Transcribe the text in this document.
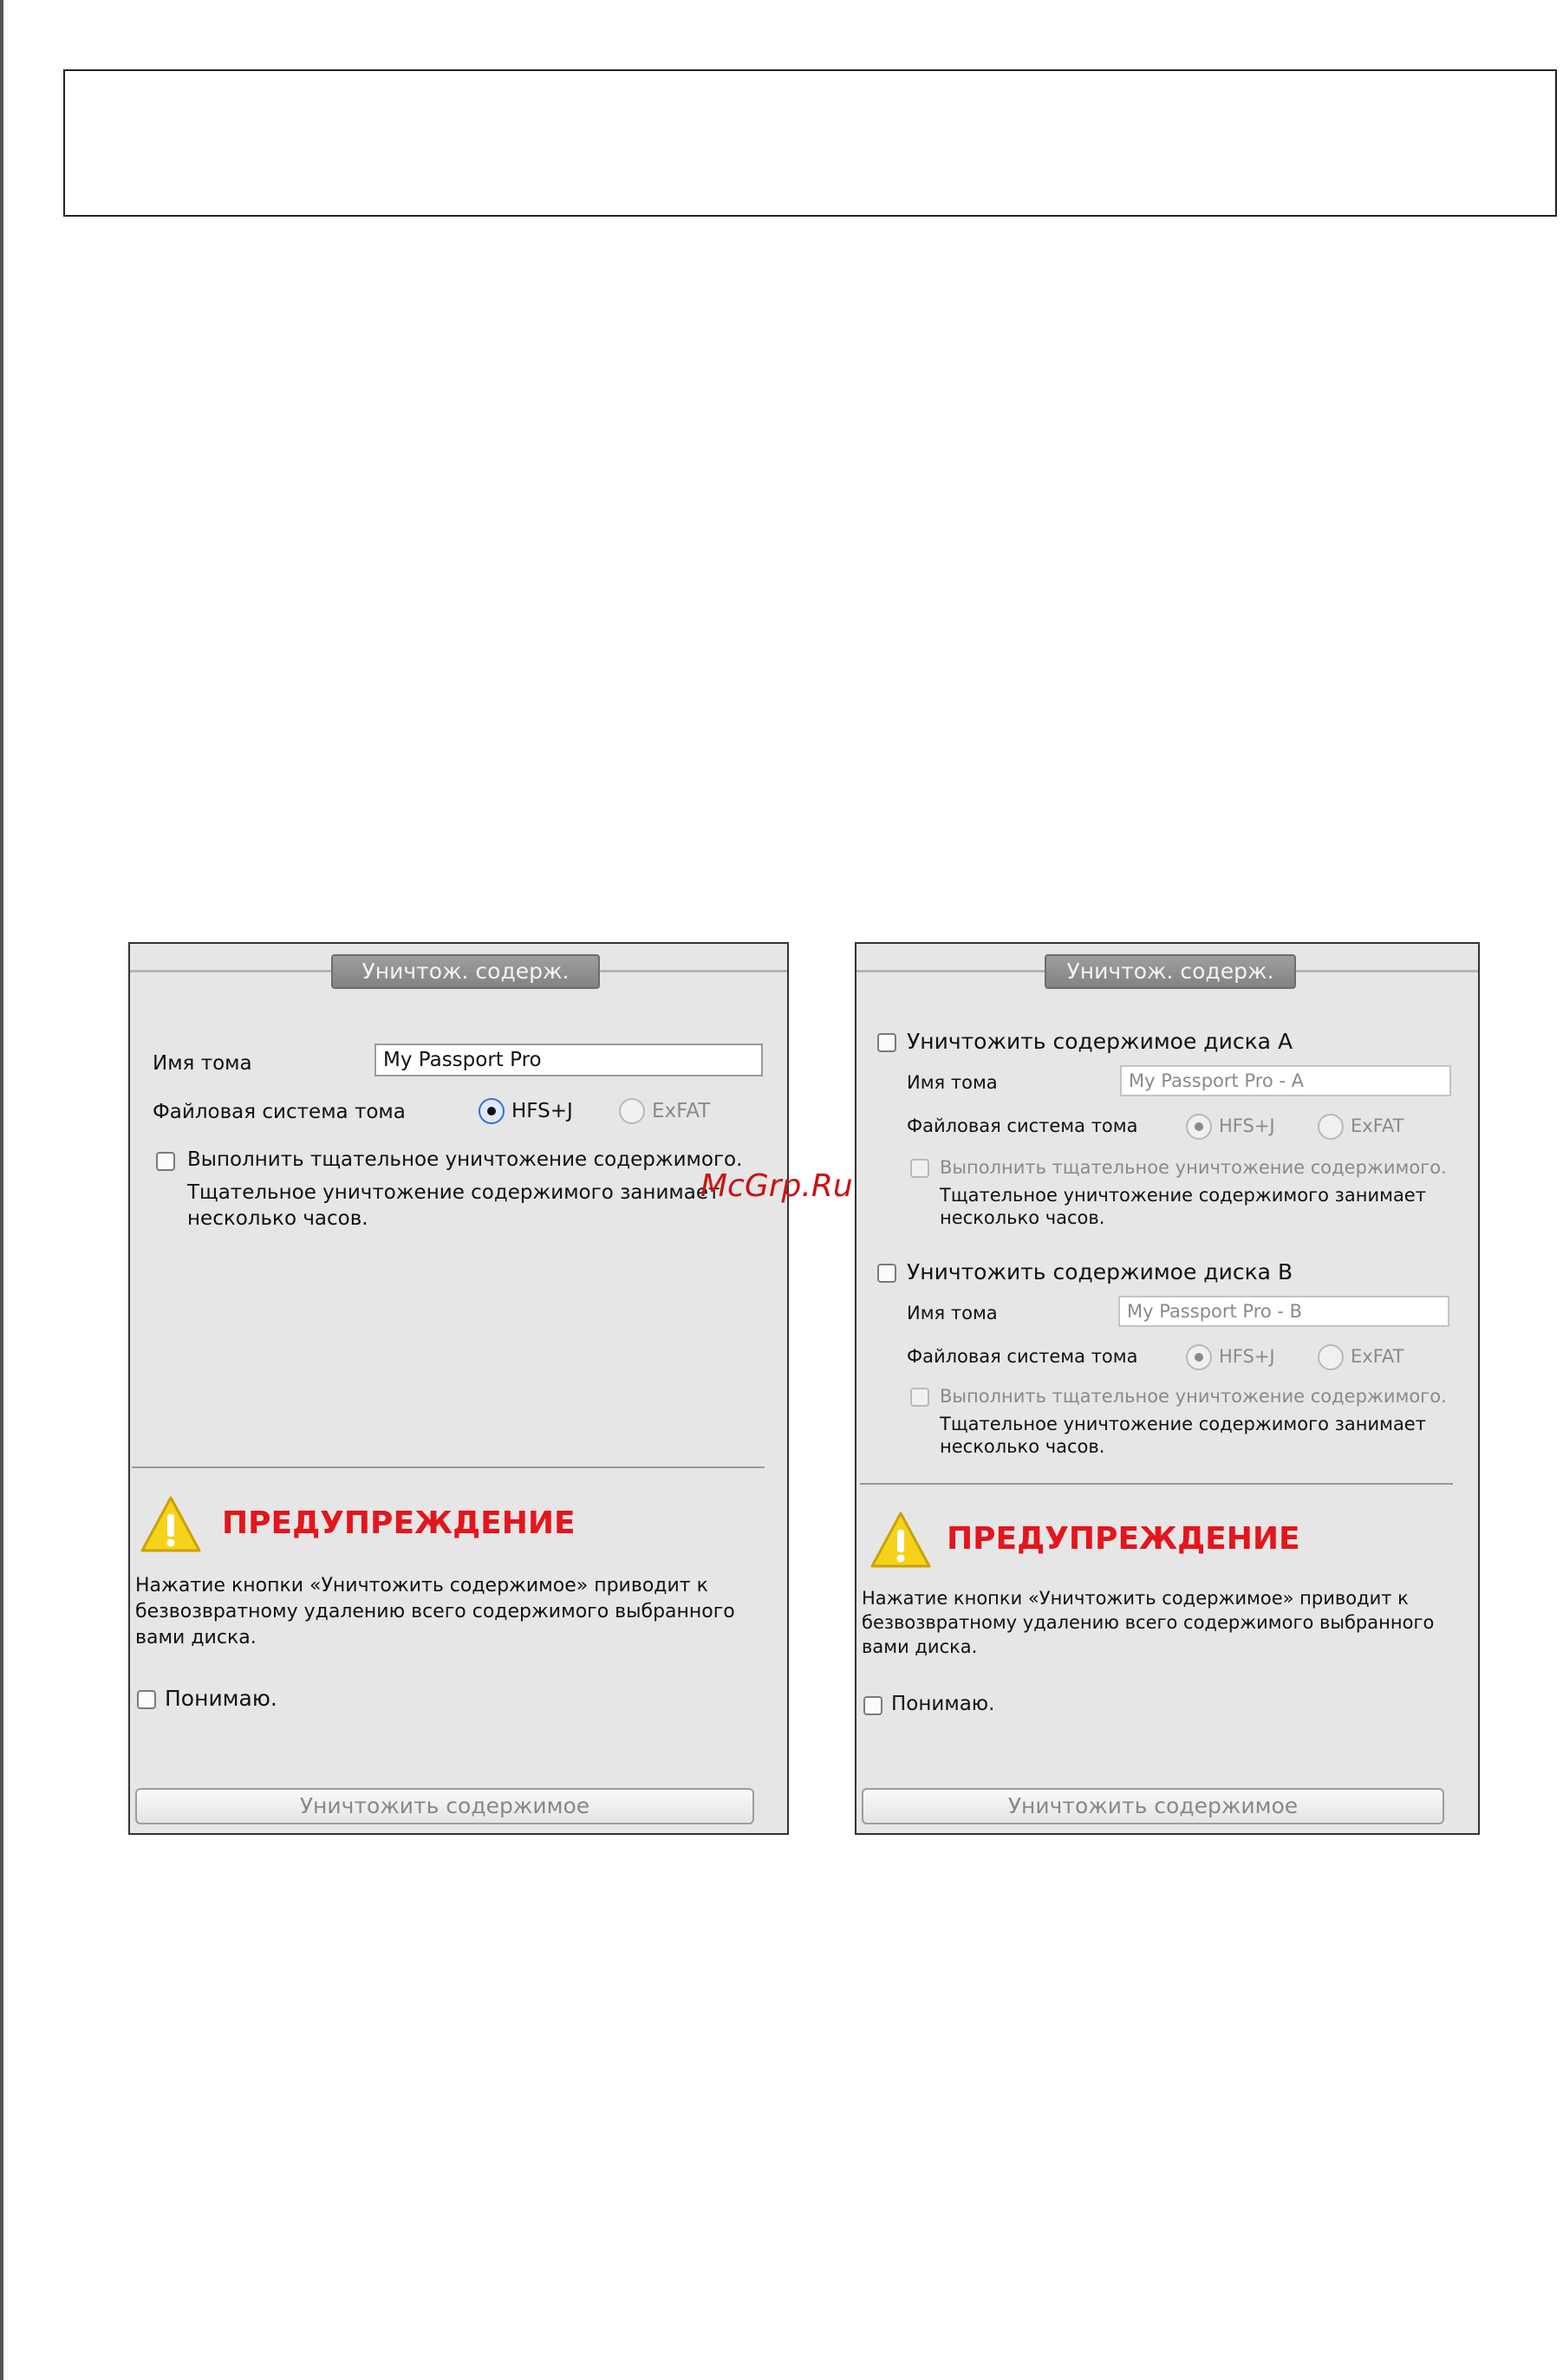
Уничтож. содерж.
Имя тома	My Passport Pro
Файловая система тома	HFS+J	ExFAT
Выполнить тщательное уничтожение содержимого.
Тщательное уничтожение содержимого занимает
несколько часов.
ПРЕДУПРЕЖДЕНИЕ
Нажатие кнопки «Уничтожить содержимое» приводит к
безвозвратному удалению всего содержимого выбранного
вами диска.
Понимаю.
Уничтожить содержимое
Уничтож. содерж.
Уничтожить содержимое диска A
Имя тома	My Passport Pro - A
Файловая система тома	HFS+J	ExFAT
Выполнить тщательное уничтожение содержимого.
Тщательное уничтожение содержимого занимает
несколько часов.
Уничтожить содержимое диска B
Имя тома	My Passport Pro - B
Файловая система тома	HFS+J	ExFAT
Выполнить тщательное уничтожение содержимого.
Тщательное уничтожение содержимого занимает
несколько часов.
ПРЕДУПРЕЖДЕНИЕ
Нажатие кнопки «Уничтожить содержимое» приводит к
безвозвратному удалению всего содержимого выбранного
вами диска.
Понимаю.
Уничтожить содержимое
McGrp.Ru
